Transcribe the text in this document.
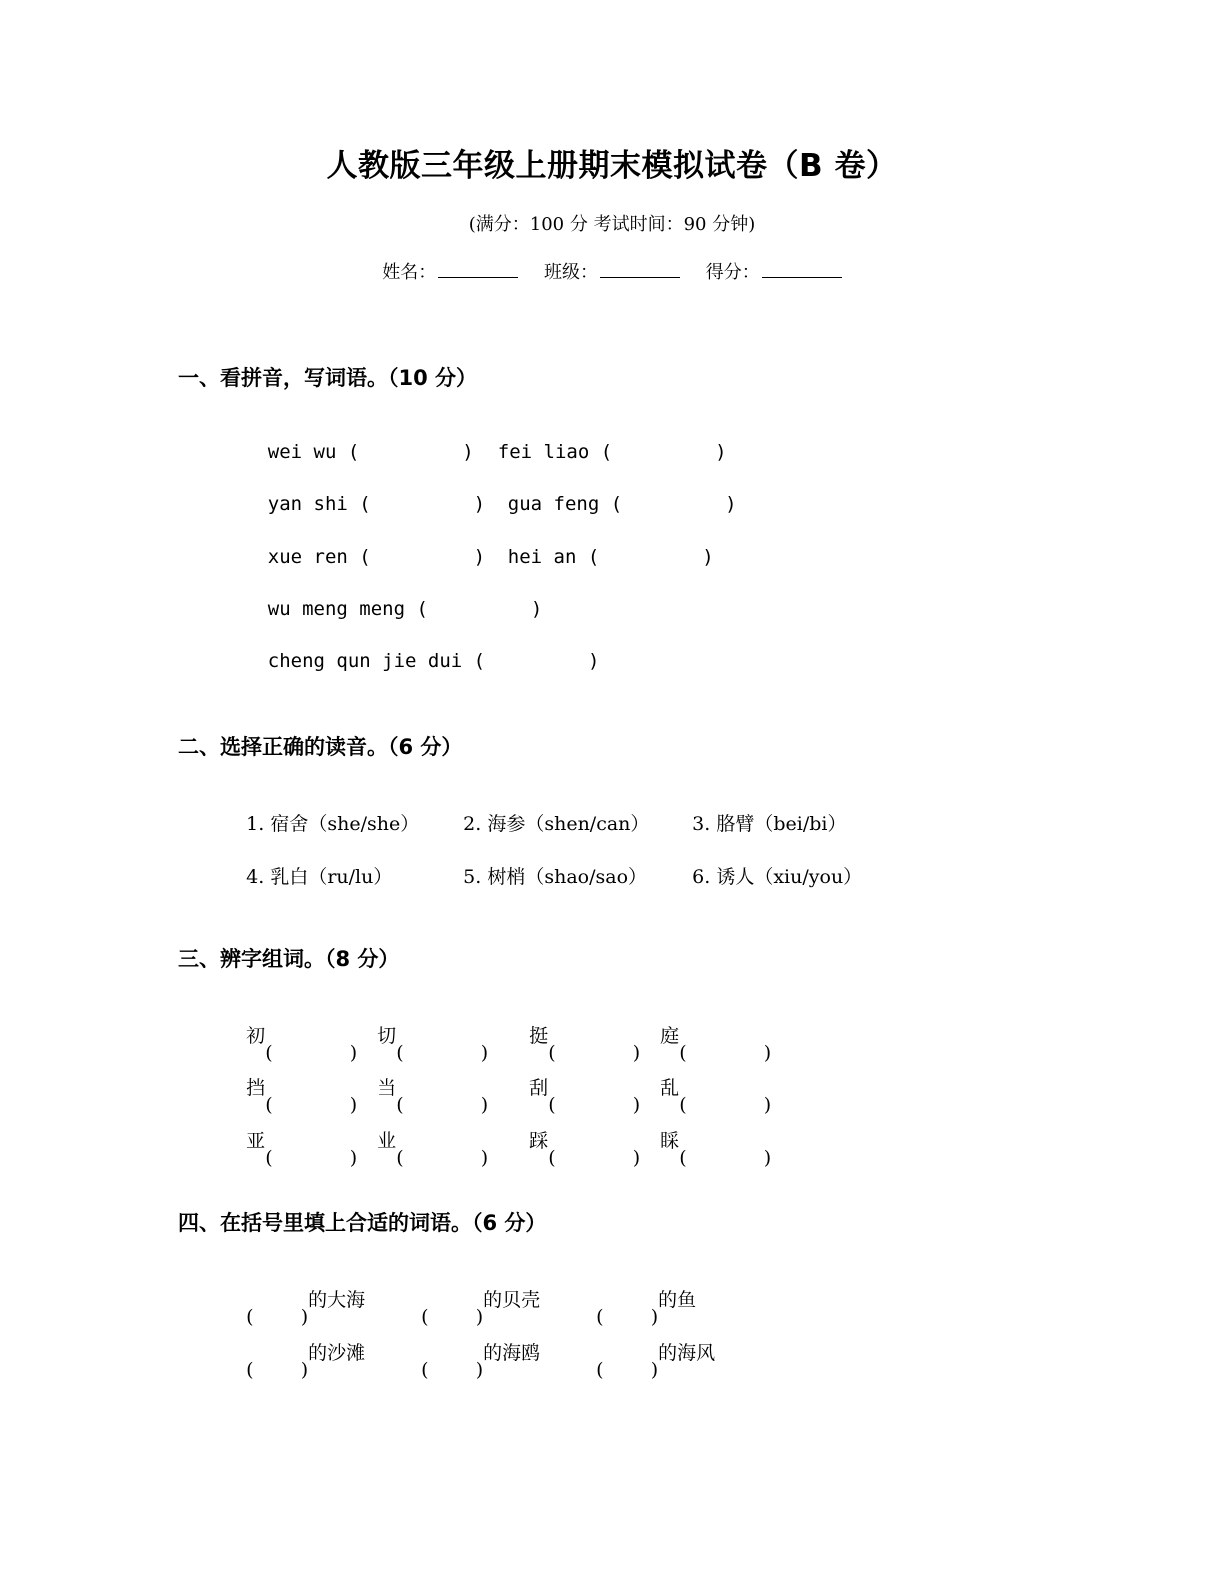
人教版三年级上册期末模拟试卷（B 卷）
(满分：100 分 考试时间：90 分钟)
姓名：	班级：	得分：
一、看拼音，写词语。（10 分）

wei wu (         ) fei liao (         )

yan shi (         ) gua feng (         )

xue ren (         ) hei an (         )

wu meng meng (         )

cheng qun jie dui (         )

二、选择正确的读音。（6 分）

1. 宿舍（she/she） 2. 海参（shen/can） 3. 胳臂（bei/bi）

4. 乳白（ru/lu）	5. 树梢（shao/sao） 6. 诱人（xiu/you）

三、辨字组词。（8 分）

初
(	)
切
(	)
挺
(	)
庭
(	)

挡
(	)
当
(	)
刮
(	)
乱
(	)

亚
(	)
业
(	)
踩
(	)
睬
(	)

四、在括号里填上合适的词语。（6 分）

( )
的大海
( )
的贝壳
( )
的鱼

( )
的沙滩
( )
的海鸥
( )
的海风
